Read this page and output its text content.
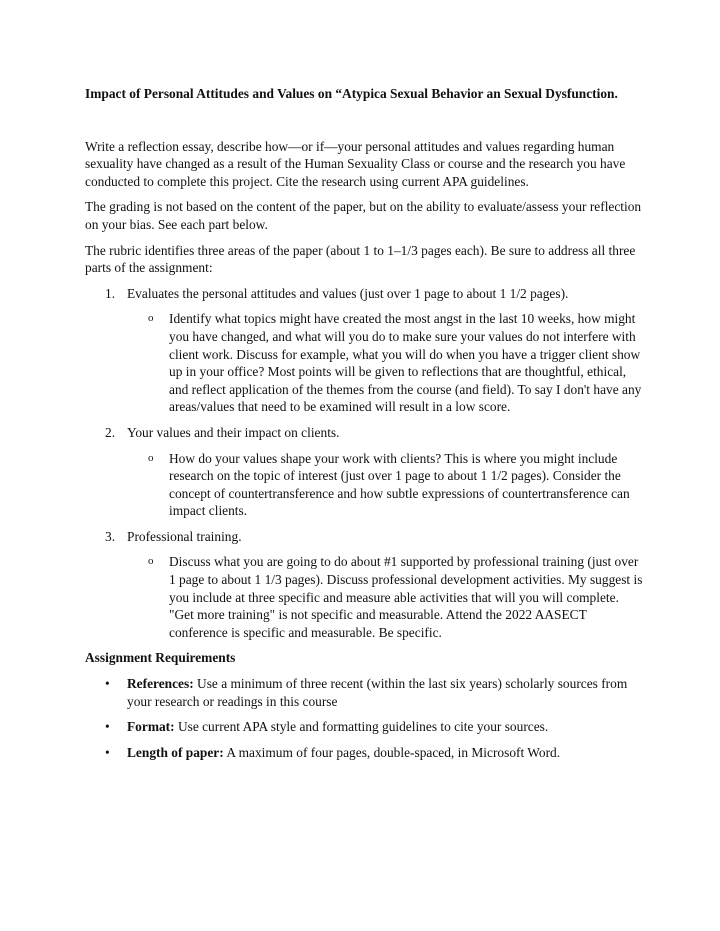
Impact of Personal Attitudes and Values on “Atypica Sexual Behavior an Sexual Dysfunction.

Write a reflection essay, describe how—or if—your personal attitudes and values regarding human sexuality have changed as a result of the Human Sexuality Class or course and the research you have conducted to complete this project. Cite the research using current APA guidelines.

The grading is not based on the content of the paper, but on the ability to evaluate/assess your reflection on your bias. See each part below.

The rubric identifies three areas of the paper (about 1 to 1–1/3 pages each). Be sure to address all three parts of the assignment:

1. Evaluates the personal attitudes and values (just over 1 page to about 1 1/2 pages).
o Identify what topics might have created the most angst in the last 10 weeks, how might you have changed, and what will you do to make sure your values do not interfere with client work. Discuss for example, what you will do when you have a trigger client show up in your office? Most points will be given to reflections that are thoughtful, ethical, and reflect application of the themes from the course (and field). To say I don't have any areas/values that need to be examined will result in a low score.
2. Your values and their impact on clients.
o How do your values shape your work with clients? This is where you might include research on the topic of interest (just over 1 page to about 1 1/2 pages). Consider the concept of countertransference and how subtle expressions of countertransference can impact clients.
3. Professional training.
o Discuss what you are going to do about #1 supported by professional training (just over 1 page to about 1 1/3 pages). Discuss professional development activities. My suggest is you include at three specific and measure able activities that will you will complete. "Get more training" is not specific and measurable. Attend the 2022 AASECT conference is specific and measurable. Be specific.

Assignment Requirements

• References: Use a minimum of three recent (within the last six years) scholarly sources from your research or readings in this course
• Format: Use current APA style and formatting guidelines to cite your sources.
• Length of paper: A maximum of four pages, double-spaced, in Microsoft Word.
